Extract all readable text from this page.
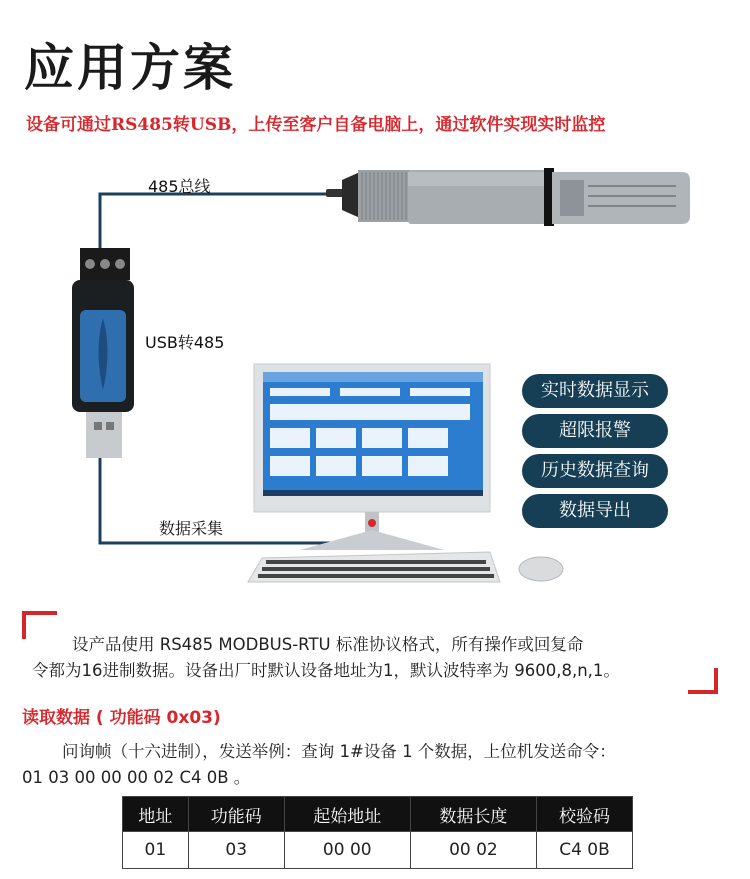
应用方案
设备可通过RS485转USB，上传至客户自备电脑上，通过软件实现实时监控
485总线
USB转485
数据采集
实时数据显示
超限报警
历史数据查询
数据导出
设产品使用 RS485 MODBUS-RTU 标准协议格式，所有操作或回复命
令都为16进制数据。设备出厂时默认设备地址为1，默认波特率为 9600,8,n,1。
读取数据 ( 功能码 0x03)
问询帧（十六进制），发送举例：查询 1#设备 1 个数据，上位机发送命令：
01 03 00 00 00 02 C4 0B 。
地址	功能码	起始地址	数据长度	校验码
01	03	00 00	00 02	C4 0B
